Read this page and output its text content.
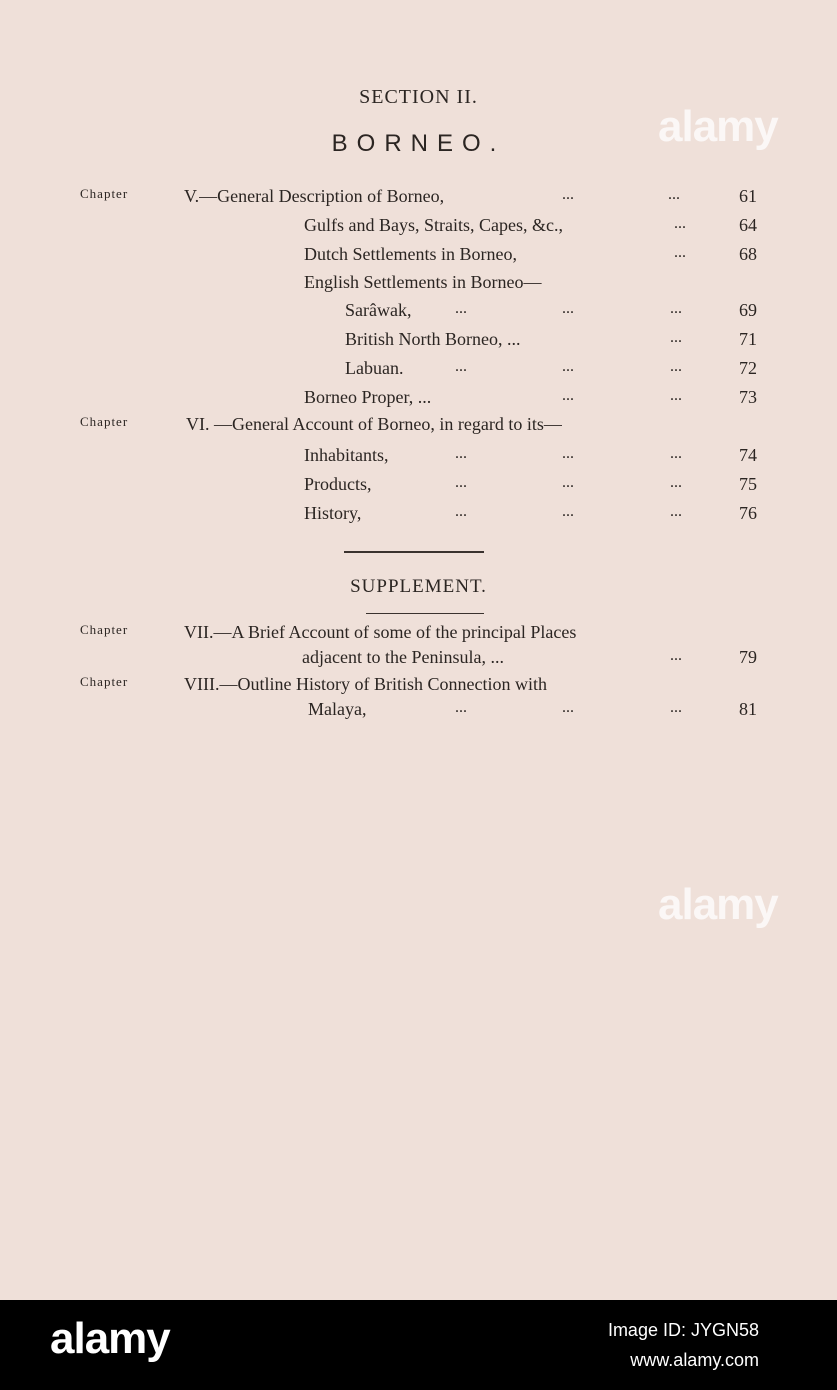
alamy
alamy
SECTION II.
BORNEO.
Chapter	V.—General Description of Borneo,	...	...	61
Gulfs and Bays, Straits, Capes, &c.,	...	64
Dutch Settlements in Borneo,	...	68
English Settlements in Borneo—
Sarâwak,	...	...	...	69
British North Borneo, ...	...	71
Labuan.	...	...	...	72
Borneo Proper, ...	...	...	73
Chapter	VI. —General Account of Borneo, in regard to its—
Inhabitants,	...	...	...	74
Products,	...	...	...	75
History,	...	...	...	76
SUPPLEMENT.
Chapter	VII.—A Brief Account of some of the principal Places
adjacent to the Peninsula, ...	...	79
Chapter	VIII.—Outline History of British Connection with
Malaya,	...	...	...	81
alamy	Image ID: JYGN58
www.alamy.com
